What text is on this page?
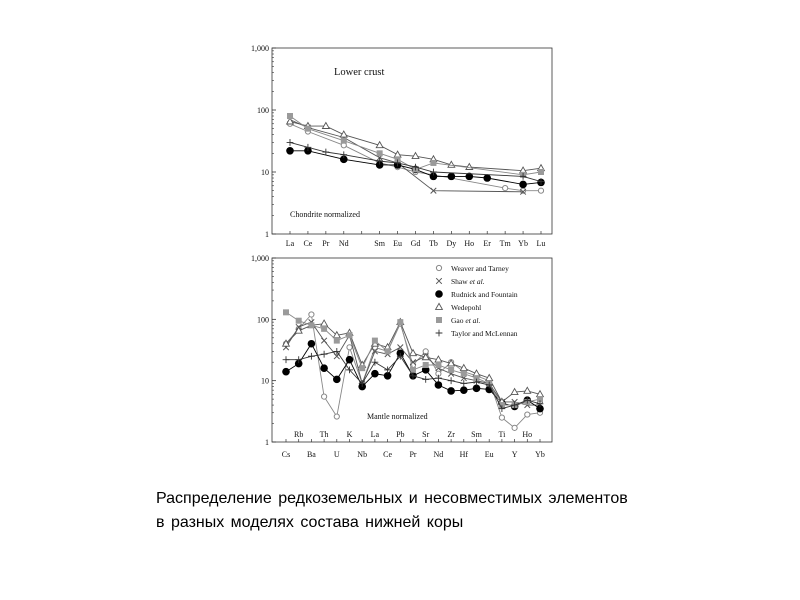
1
10
100
1,000
La Ce Pr Nd	Sm Eu Gd Tb Dy Ho Er Tm Yb Lu
Lower crust
Chondrite normalized
1
10
100
1,000
Cs
Rb
Ba
Th
U
K
Nb
La
Ce
Pb
Pr
Sr
Nd
Zr
Hf
Sm
Eu
Ti
Y
Ho
Yb
Mantle normalized
Weaver and Tarney
Shaw et al.
Rudnick and Fountain
Wedepohl
Gao et al.
Taylor and McLennan
Распределение редкоземельных и несовместимых элементов
в разных моделях состава нижней коры
